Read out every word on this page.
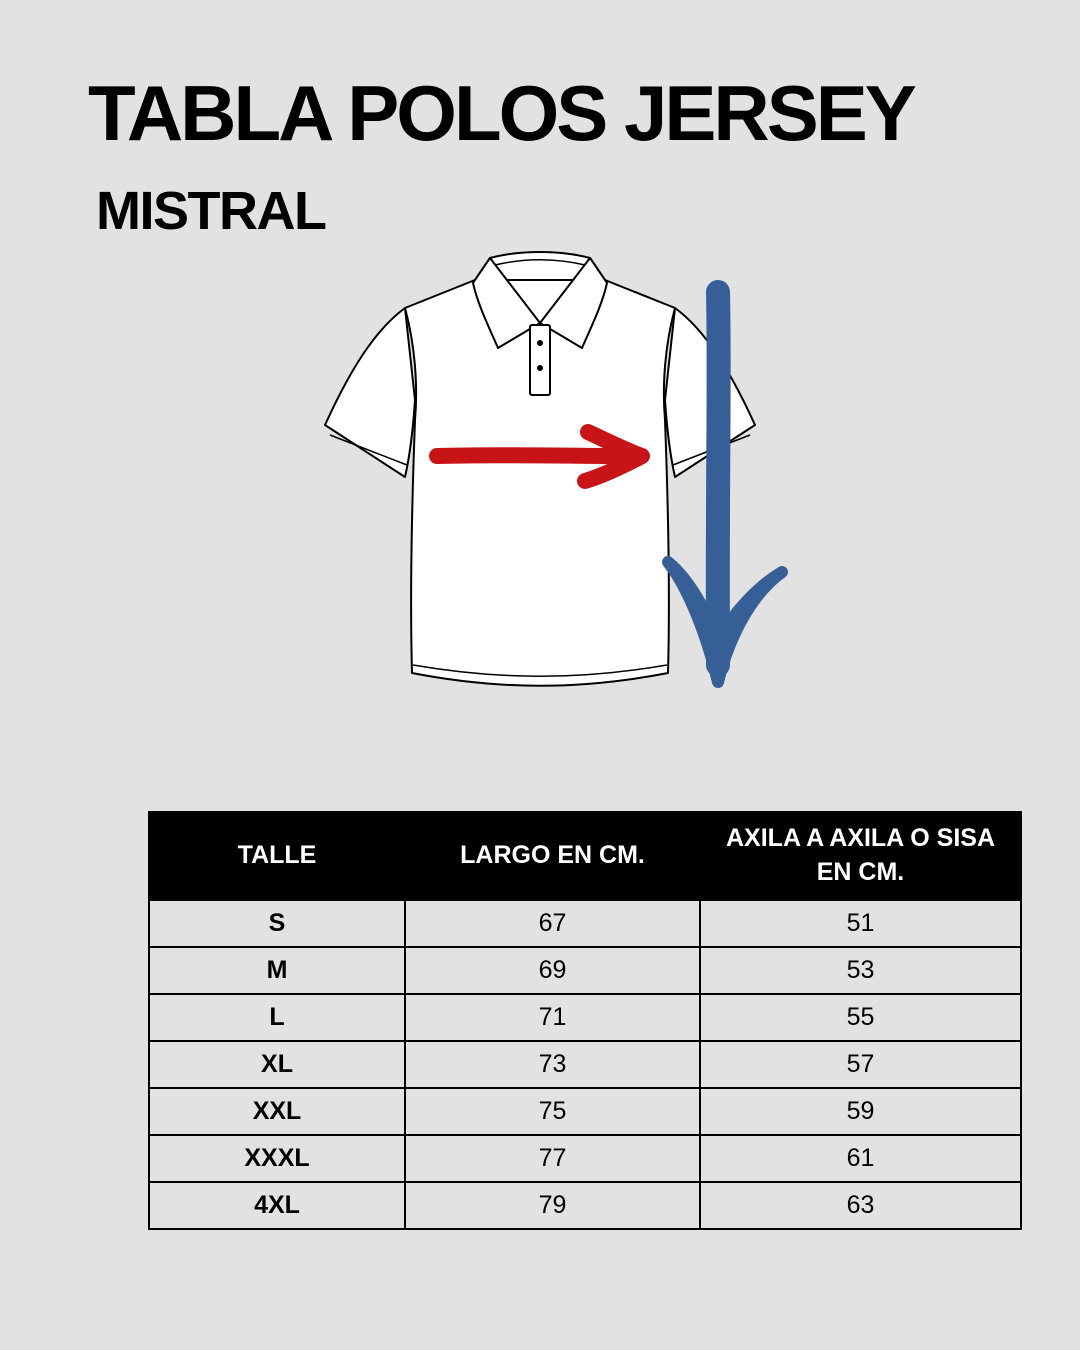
TABLA POLOS JERSEY
MISTRAL
TALLE	LARGO EN CM.	AXILA A AXILA O SISA EN CM.
S	67	51
M	69	53
L	71	55
XL	73	57
XXL	75	59
XXXL	77	61
4XL	79	63
